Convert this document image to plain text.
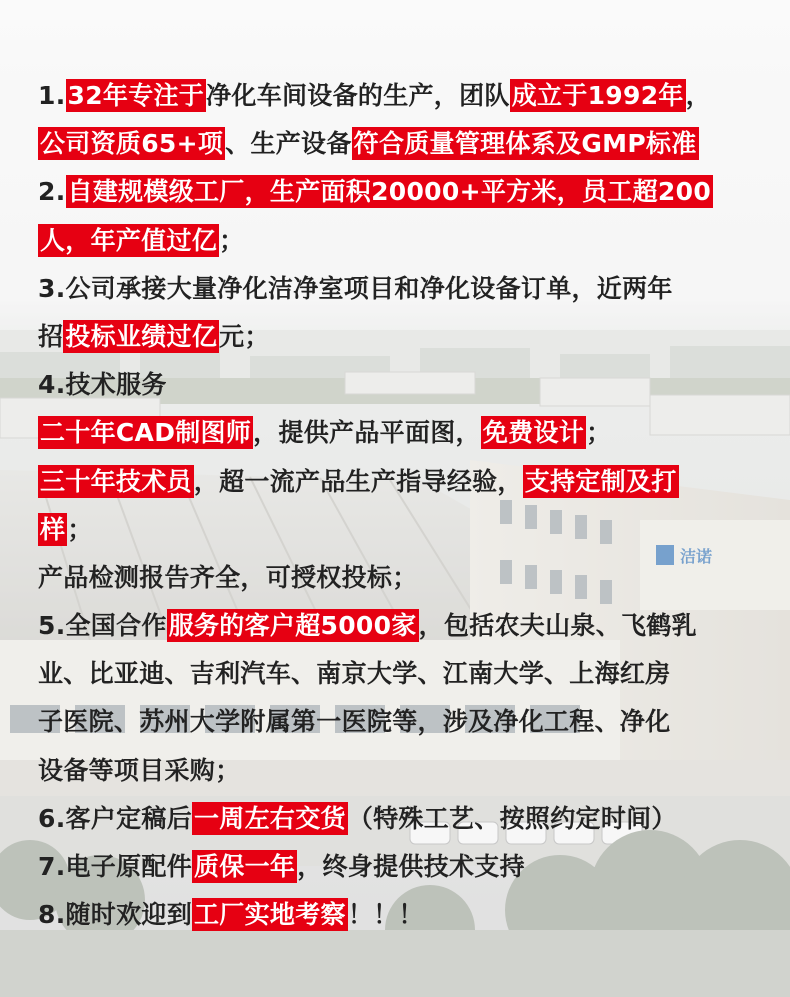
洁诺
1.32年专注于净化车间设备的生产，团队成立于1992年，
公司资质65+项、生产设备符合质量管理体系及GMP标准
2.自建规模级工厂，生产面积20000+平方米，员工超200
人，年产值过亿；
3.公司承接大量净化洁净室项目和净化设备订单，近两年
招投标业绩过亿元；
4.技术服务
二十年CAD制图师，提供产品平面图，免费设计；
三十年技术员，超一流产品生产指导经验，支持定制及打
样；
产品检测报告齐全，可授权投标；
5.全国合作服务的客户超5000家，包括农夫山泉、飞鹤乳
业、比亚迪、吉利汽车、南京大学、江南大学、上海红房
子医院、苏州大学附属第一医院等，涉及净化工程、净化
设备等项目采购；
6.客户定稿后一周左右交货（特殊工艺、按照约定时间）
7.电子原配件质保一年，终身提供技术支持
8.随时欢迎到工厂实地考察！！！
